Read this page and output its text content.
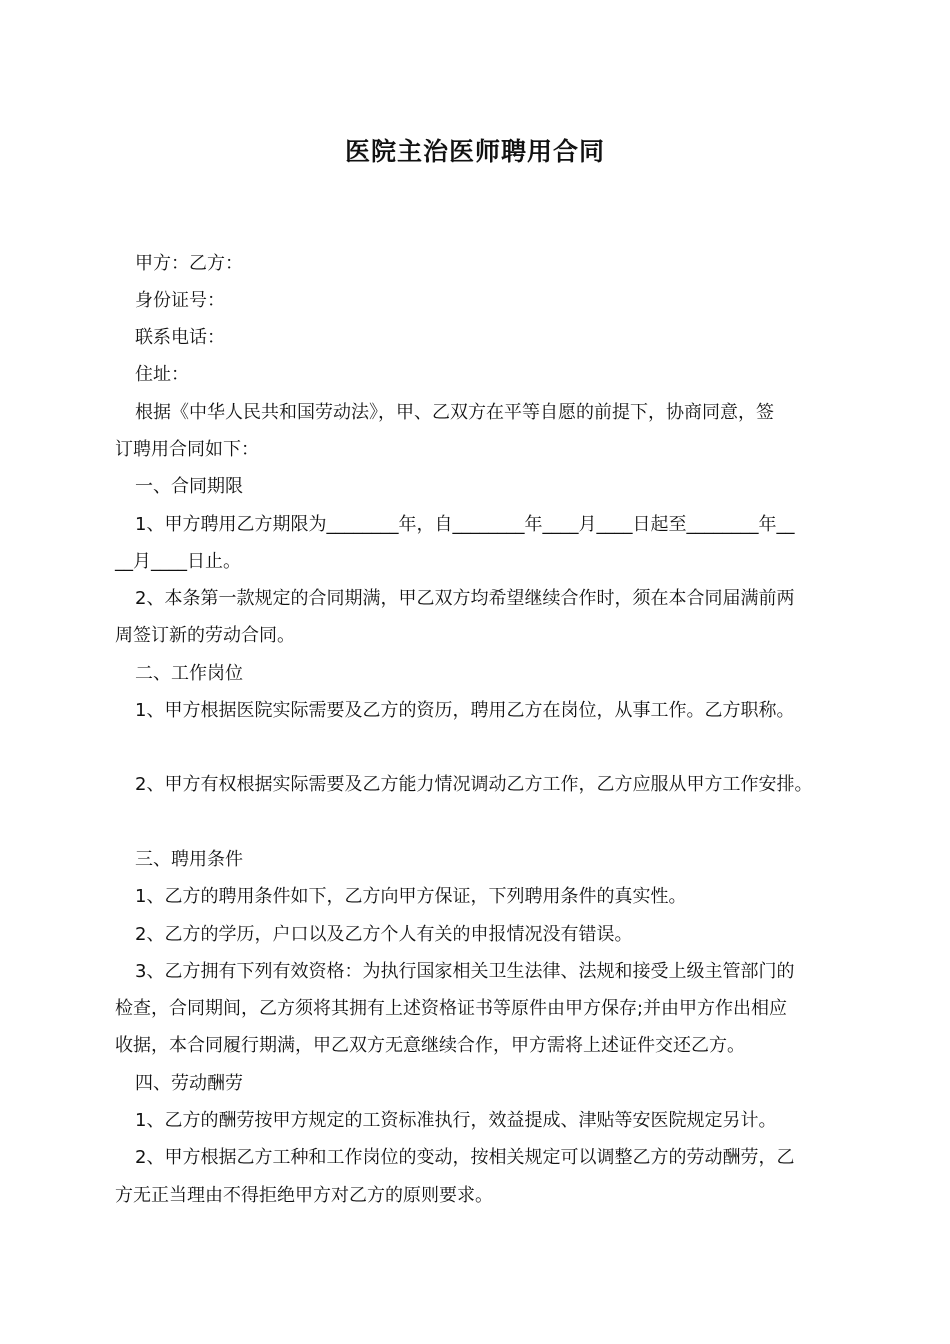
医院主治医师聘用合同
甲方：乙方：
身份证号：
联系电话：
住址：
根据《中华人民共和国劳动法》，甲、乙双方在平等自愿的前提下，协商同意，签
订聘用合同如下：
一、合同期限
1、甲方聘用乙方期限为________年，自________年____月____日起至________年__
__月____日止。
2、本条第一款规定的合同期满，甲乙双方均希望继续合作时，须在本合同届满前两
周签订新的劳动合同。
二、工作岗位
1、甲方根据医院实际需要及乙方的资历，聘用乙方在岗位，从事工作。乙方职称。
2、甲方有权根据实际需要及乙方能力情况调动乙方工作，乙方应服从甲方工作安排。
三、聘用条件
1、乙方的聘用条件如下，乙方向甲方保证，下列聘用条件的真实性。
2、乙方的学历，户口以及乙方个人有关的申报情况没有错误。
3、乙方拥有下列有效资格：为执行国家相关卫生法律、法规和接受上级主管部门的
检查，合同期间，乙方须将其拥有上述资格证书等原件由甲方保存;并由甲方作出相应
收据，本合同履行期满，甲乙双方无意继续合作，甲方需将上述证件交还乙方。
四、劳动酬劳
1、乙方的酬劳按甲方规定的工资标准执行，效益提成、津贴等安医院规定另计。
2、甲方根据乙方工种和工作岗位的变动，按相关规定可以调整乙方的劳动酬劳，乙
方无正当理由不得拒绝甲方对乙方的原则要求。
